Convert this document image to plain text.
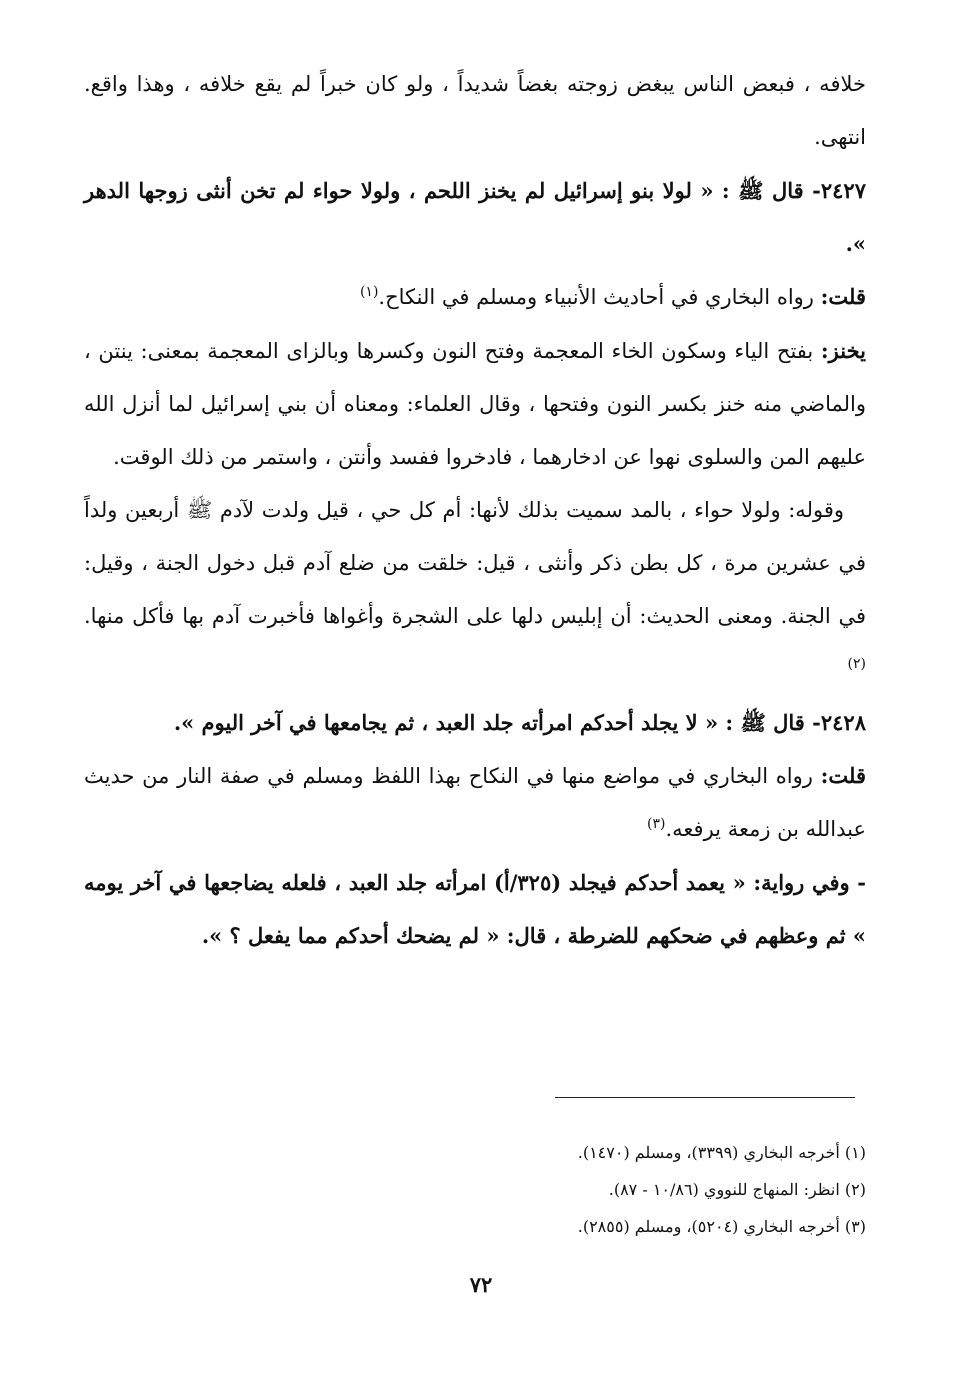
خلافه ، فبعض الناس يبغض زوجته بغضاً شديداً ، ولو كان خبراً لم يقع خلافه ، وهذا واقع. انتهى.

٢٤٢٧- قال ﷺ : « لولا بنو إسرائيل لم يخنز اللحم ، ولولا حواء لم تخن أنثى زوجها الدهر ».

قلت: رواه البخاري في أحاديث الأنبياء ومسلم في النكاح.$^{(١)}$

يخنز: بفتح الياء وسكون الخاء المعجمة وفتح النون وكسرها وبالزاى المعجمة بمعنى: ينتن ، والماضي منه خنز بكسر النون وفتحها ، وقال العلماء: ومعناه أن بني إسرائيل لما أنزل الله عليهم المن والسلوى نهوا عن ادخارهما ، فادخروا ففسد وأنتن ، واستمر من ذلك الوقت.

وقوله: ولولا حواء ، بالمد سميت بذلك لأنها: أم كل حي ، قيل ولدت لآدم ﷺ أربعين ولداً في عشرين مرة ، كل بطن ذكر وأنثى ، قيل: خلقت من ضلع آدم قبل دخول الجنة ، وقيل: في الجنة. ومعنى الحديث: أن إبليس دلها على الشجرة وأغواها فأخبرت آدم بها فأكل منها.$^{(٢)}$

٢٤٢٨- قال ﷺ : « لا يجلد أحدكم امرأته جلد العبد ، ثم يجامعها في آخر اليوم ».

قلت: رواه البخاري في مواضع منها في النكاح بهذا اللفظ ومسلم في صفة النار من حديث عبدالله بن زمعة يرفعه.$^{(٣)}$

- وفي رواية: « يعمد أحدكم فيجلد (٣٢٥/أ) امرأته جلد العبد ، فلعله يضاجعها في آخر يومه » ثم وعظهم في ضحكهم للضرطة ، قال: « لم يضحك أحدكم مما يفعل ؟ ».

(١) أخرجه البخاري (٣٣٩٩)، ومسلم (١٤٧٠).
(٢) انظر: المنهاج للنووي (١٠/٨٦ - ٨٧).
(٣) أخرجه البخاري (٥٢٠٤)، ومسلم (٢٨٥٥).
٧٢
